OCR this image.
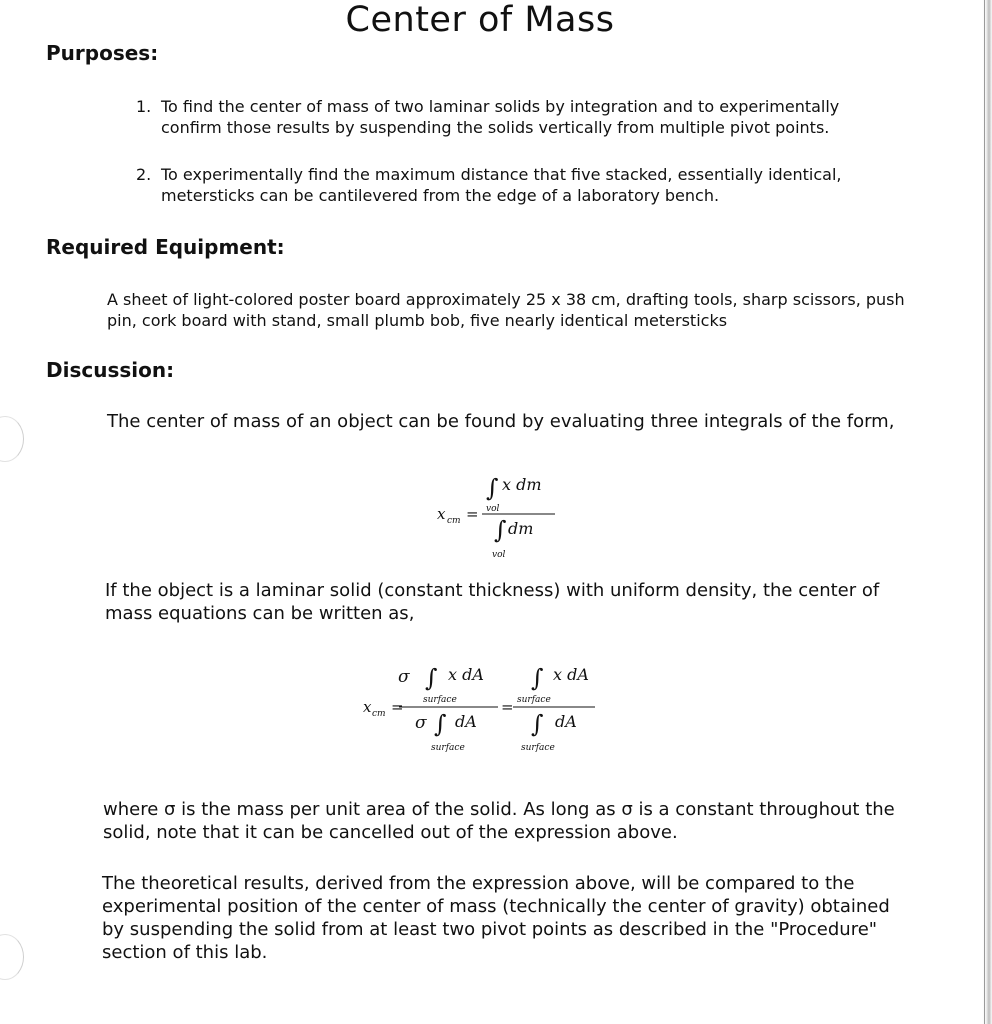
Center of Mass
Purposes:

1. To find the center of mass of two laminar solids by integration and to experimentally confirm those results by suspending the solids vertically from multiple pivot points.

2. To experimentally find the maximum distance that five stacked, essentially identical, metersticks can be cantilevered from the edge of a laboratory bench.

Required Equipment:

A sheet of light-colored poster board approximately 25 x 38 cm, drafting tools, sharp scissors, push pin, cork board with stand, small plumb bob, five nearly identical metersticks

Discussion:

The center of mass of an object can be found by evaluating three integrals of the form,

x cm =
∫ x dm
vol
∫ dm
vol

If the object is a laminar solid (constant thickness) with uniform density, the center of mass equations can be written as,

x cm =
σ ∫ x dA
surface
σ ∫ dA
surface
=
∫ x dA
surface
∫ dA
surface

where σ is the mass per unit area of the solid. As long as σ is a constant throughout the solid, note that it can be cancelled out of the expression above.

The theoretical results, derived from the expression above, will be compared to the experimental position of the center of mass (technically the center of gravity) obtained by suspending the solid from at least two pivot points as described in the "Procedure" section of this lab.
